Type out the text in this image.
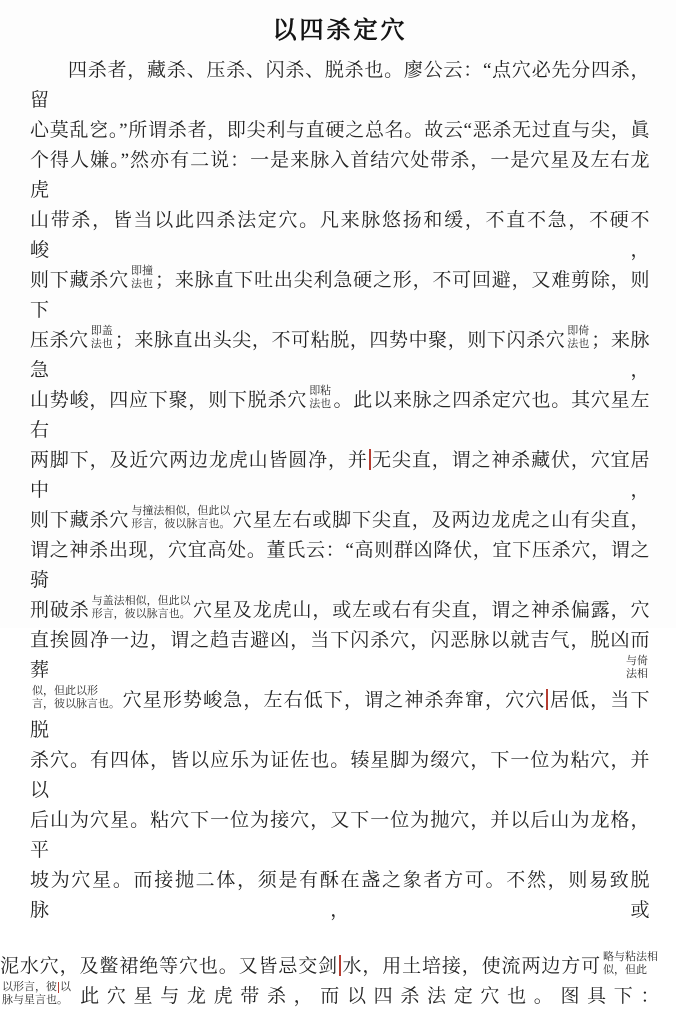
以四杀定穴
四杀者，藏杀、压杀、闪杀、脱杀也。廖公云：“点穴必先分四杀，留
心莫乱穵。”所谓杀者，即尖利与直硬之总名。故云“恶杀无过直与尖，眞
个得人嫌。”然亦有二说：一是来脉入首结穴处带杀，一是穴星及左右龙虎
山带杀，皆当以此四杀法定穴。凡来脉悠扬和缓，不直不急，不硬不峻，
则下藏杀穴 即撞
法也 ；来脉直下吐出尖利急硬之形，不可回避，又难剪除，则下
压杀穴 即盖
法也 ；来脉直出头尖，不可粘脱，四势中聚，则下闪杀穴 即倚
法也 ；来脉急，
山势峻，四应下聚，则下脱杀穴 即粘
法也 。此以来脉之四杀定穴也。其穴星左右
两脚下，及近穴两边龙虎山皆圆净，并 无尖直，谓之神杀藏伏，穴宜居中，
则下藏杀穴 与撞法相似，但此以
形言，彼以脉言也。 穴星左右或脚下尖直，及两边龙虎之山有尖直，
谓之神杀出现，穴宜高处。董氏云：“高则群凶降伏，宜下压杀穴，谓之骑
刑破杀 与盖法相似，但此以
形言，彼以脉言也。 穴星及龙虎山，或左或右有尖直，谓之神杀偏露，穴
直挨圆净一边，谓之趋吉避凶，当下闪杀穴，闪恶脉以就吉气，脱凶而葬 与倚
法相
似，但此以形
言，彼以脉言也。 穴星形势峻急，左右低下，谓之神杀奔窜，穴穴 居低，当下脱
杀穴。有四体，皆以应乐为证佐也。辏星脚为缀穴，下一位为粘穴，并以
后山为穴星。粘穴下一位为接穴，又下一位为抛穴，并以后山为龙格，平
坡为穴星。而接抛二体，须是有酥在盏之象者方可。不然，则易致脱脉，或
泥水穴，及鳖裙绝等穴也。又皆忌交剑 水，用土培接，使流两边方可 略与粘法相
似，但此
以形言，彼 以
脉与星言也。 此穴星与龙虎带杀，而以四杀法定穴也。图具下：
